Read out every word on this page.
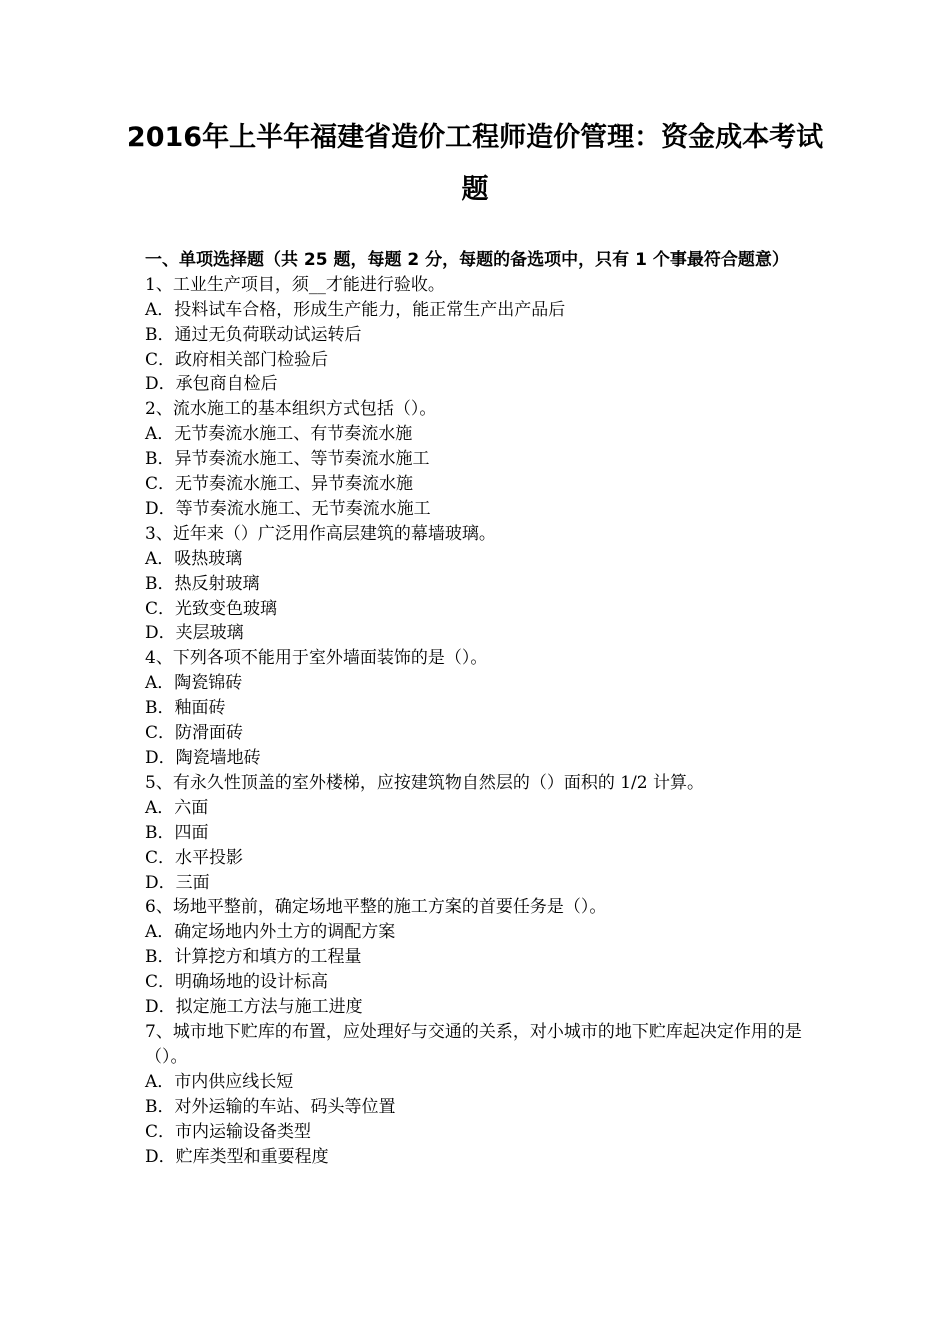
2016年上半年福建省造价工程师造价管理：资金成本考试题

一、单项选择题（共 25 题，每题 2 分，每题的备选项中，只有 1 个事最符合题意）

1、工业生产项目，须__才能进行验收。

A．投料试车合格，形成生产能力，能正常生产出产品后

B．通过无负荷联动试运转后

C．政府相关部门检验后

D．承包商自检后

2、流水施工的基本组织方式包括（）。

A．无节奏流水施工、有节奏流水施

B．异节奏流水施工、等节奏流水施工

C．无节奏流水施工、异节奏流水施

D．等节奏流水施工、无节奏流水施工

3、近年来（）广泛用作高层建筑的幕墙玻璃。

A．吸热玻璃

B．热反射玻璃

C．光致变色玻璃

D．夹层玻璃

4、下列各项不能用于室外墙面装饰的是（）。

A．陶瓷锦砖

B．釉面砖

C．防滑面砖

D．陶瓷墙地砖

5、有永久性顶盖的室外楼梯，应按建筑物自然层的（）面积的 1/2 计算。

A．六面

B．四面

C．水平投影

D．三面

6、场地平整前，确定场地平整的施工方案的首要任务是（）。

A．确定场地内外土方的调配方案

B．计算挖方和填方的工程量

C．明确场地的设计标高

D．拟定施工方法与施工进度

7、城市地下贮库的布置，应处理好与交通的关系，对小城市的地下贮库起决定作用的是（）。

A．市内供应线长短

B．对外运输的车站、码头等位置

C．市内运输设备类型

D．贮库类型和重要程度
